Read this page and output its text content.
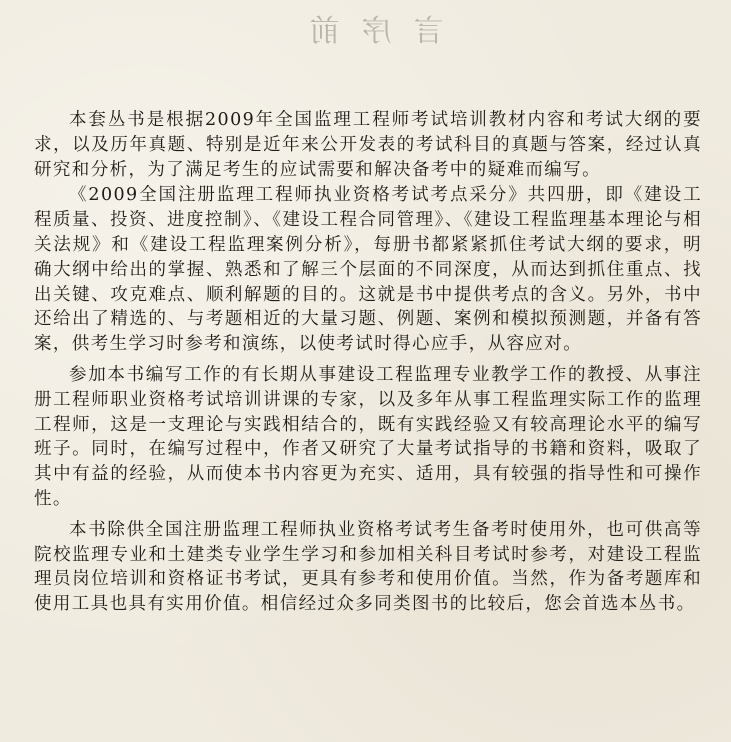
言序前

本套丛书是根据2009年全国监理工程师考试培训教材内容和考试大纲的要求，以及历年真题、特别是近年来公开发表的考试科目的真题与答案，经过认真研究和分析，为了满足考生的应试需要和解决备考中的疑难而编写。

《2009全国注册监理工程师执业资格考试考点采分》共四册，即《建设工程质量、投资、进度控制》、《建设工程合同管理》、《建设工程监理基本理论与相关法规》和《建设工程监理案例分析》，每册书都紧紧抓住考试大纲的要求，明确大纲中给出的掌握、熟悉和了解三个层面的不同深度，从而达到抓住重点、找出关键、攻克难点、顺利解题的目的。这就是书中提供考点的含义。另外，书中还给出了精选的、与考题相近的大量习题、例题、案例和模拟预测题，并备有答案，供考生学习时参考和演练，以使考试时得心应手，从容应对。

参加本书编写工作的有长期从事建设工程监理专业教学工作的教授、从事注册工程师职业资格考试培训讲课的专家，以及多年从事工程监理实际工作的监理工程师，这是一支理论与实践相结合的，既有实践经验又有较高理论水平的编写班子。同时，在编写过程中，作者又研究了大量考试指导的书籍和资料，吸取了其中有益的经验，从而使本书内容更为充实、适用，具有较强的指导性和可操作性。

本书除供全国注册监理工程师执业资格考试考生备考时使用外，也可供高等院校监理专业和土建类专业学生学习和参加相关科目考试时参考，对建设工程监理员岗位培训和资格证书考试，更具有参考和使用价值。当然，作为备考题库和使用工具也具有实用价值。相信经过众多同类图书的比较后，您会首选本丛书。
